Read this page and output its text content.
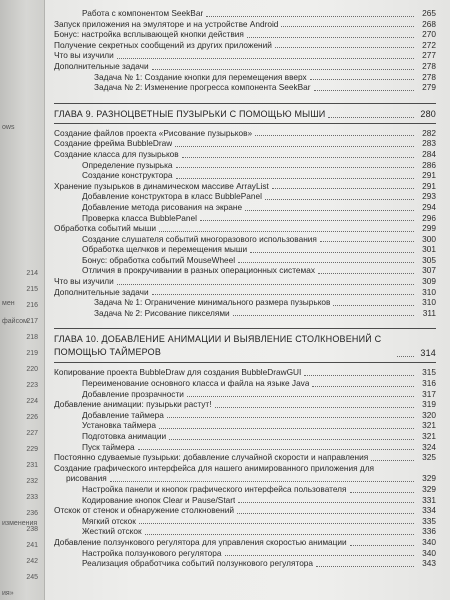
214
215
216
217
218
219
220
223
224
226
227
229
231
232
233
236
238
241
242
245
ows
мен
файсом.
изменения
ия»
Работа с компонентом SeekBar	265
Запуск приложения на эмуляторе и на устройстве Android	268
Бонус: настройка всплывающей кнопки действия	270
Получение секретных сообщений из других приложений	272
Что вы изучили	277
Дополнительные задачи	278
Задача № 1: Создание кнопки для перемещения вверх	278
Задача № 2: Изменение прогресса компонента SeekBar	279
ГЛАВА 9. РАЗНОЦВЕТНЫЕ ПУЗЫРЬКИ С ПОМОЩЬЮ МЫШИ	280
Создание файлов проекта «Рисование пузырьков»	282
Создание фрейма BubbleDraw	283
Создание класса для пузырьков	284
Определение пузырька	286
Создание конструктора	291
Хранение пузырьков в динамическом массиве ArrayList	291
Добавление конструктора в класс BubblePanel	293
Добавление метода рисования на экране	294
Проверка класса BubblePanel	296
Обработка событий мыши	299
Создание слушателя событий многоразового использования	300
Обработка щелчков и перемещения мыши	301
Бонус: обработка событий MouseWheel	305
Отличия в прокручивании в разных операционных системах	307
Что вы изучили	309
Дополнительные задачи	310
Задача № 1: Ограничение минимального размера пузырьков	310
Задача № 2: Рисование пикселями	311
ГЛАВА 10. ДОБАВЛЕНИЕ АНИМАЦИИ И ВЫЯВЛЕНИЕ СТОЛКНОВЕНИЙ С ПОМОЩЬЮ ТАЙМЕРОВ	314
Копирование проекта BubbleDraw для создания BubbleDrawGUI	315
Переименование основного класса и файла на языке Java	316
Добавление прозрачности	317
Добавление анимации: пузырьки растут!	319
Добавление таймера	320
Установка таймера	321
Подготовка анимации	321
Пуск таймера	324
Постоянно сдуваемые пузырьки: добавление случайной скорости и направления	325
Создание графического интерфейса для нашего анимированного приложения для
рисования	329
Настройка панели и кнопок графического интерфейса пользователя	329
Кодирование кнопок Clear и Pause/Start	331
Отскок от стенок и обнаружение столкновений	334
Мягкий отскок	335
Жесткий отскок	336
Добавление ползункового регулятора для управления скоростью анимации	340
Настройка ползункового регулятора	340
Реализация обработчика событий ползункового регулятора	343
